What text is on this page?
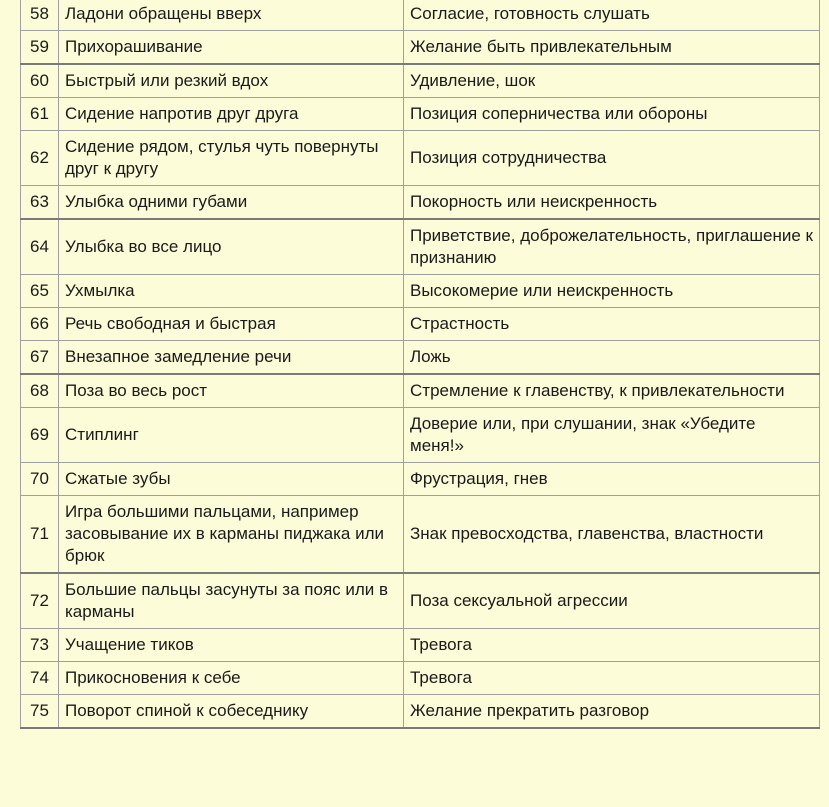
58	Ладони обращены вверх	Согласие, готовность слушать
59	Прихорашивание	Желание быть привлекательным
60	Быстрый или резкий вдох	Удивление, шок
61	Сидение напротив друг друга	Позиция соперничества или обороны
62	Сидение рядом, стулья чуть повернуты друг к другу	Позиция сотрудничества
63	Улыбка одними губами	Покорность или неискренность
64	Улыбка во все лицо	Приветствие, доброжелательность, приглашение к признанию
65	Ухмылка	Высокомерие или неискренность
66	Речь свободная и быстрая	Страстность
67	Внезапное замедление речи	Ложь
68	Поза во весь рост	Стремление к главенству, к привлекательности
69	Стиплинг	Доверие или, при слушании, знак «Убедите меня!»
70	Сжатые зубы	Фрустрация, гнев
71	Игра большими пальцами, например засовывание их в карманы пиджака или брюк	Знак превосходства, главенства, властности
72	Большие пальцы засунуты за пояс или в карманы	Поза сексуальной агрессии
73	Учащение тиков	Тревога
74	Прикосновения к себе	Тревога
75	Поворот спиной к собеседнику	Желание прекратить разговор
